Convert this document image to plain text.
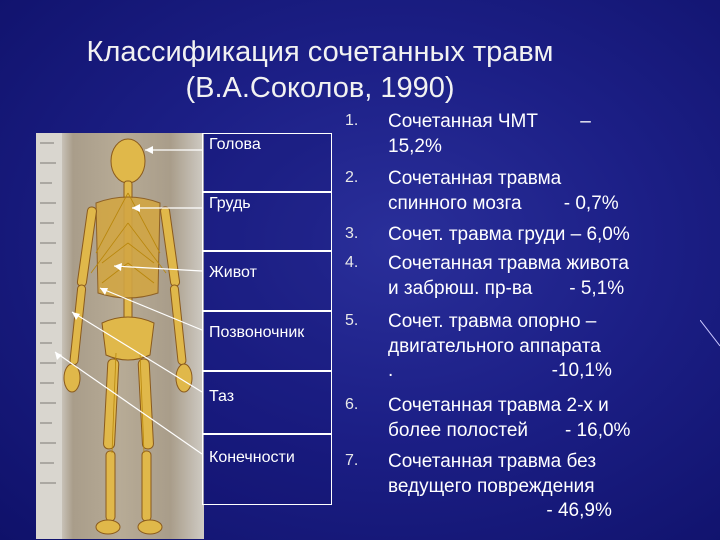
Классификация сочетанных травм
(В.А.Соколов, 1990)
Голова
Грудь
Живот
Позвоночник
Таз
Конечности
1.	Сочетанная ЧМТ        –
15,2%
2.	Сочетанная травма
спинного мозга        - 0,7%
3.	Сочет. травма груди – 6,0%
4.	Сочетанная травма живота
и забрюш. пр-ва       - 5,1%
5.	Сочет. травма опорно –
двигательного аппарата
.                              -10,1%
6.	Сочетанная травма 2-х и
более полостей       - 16,0%
7.	Сочетанная травма без
ведущего повреждения
- 46,9%
